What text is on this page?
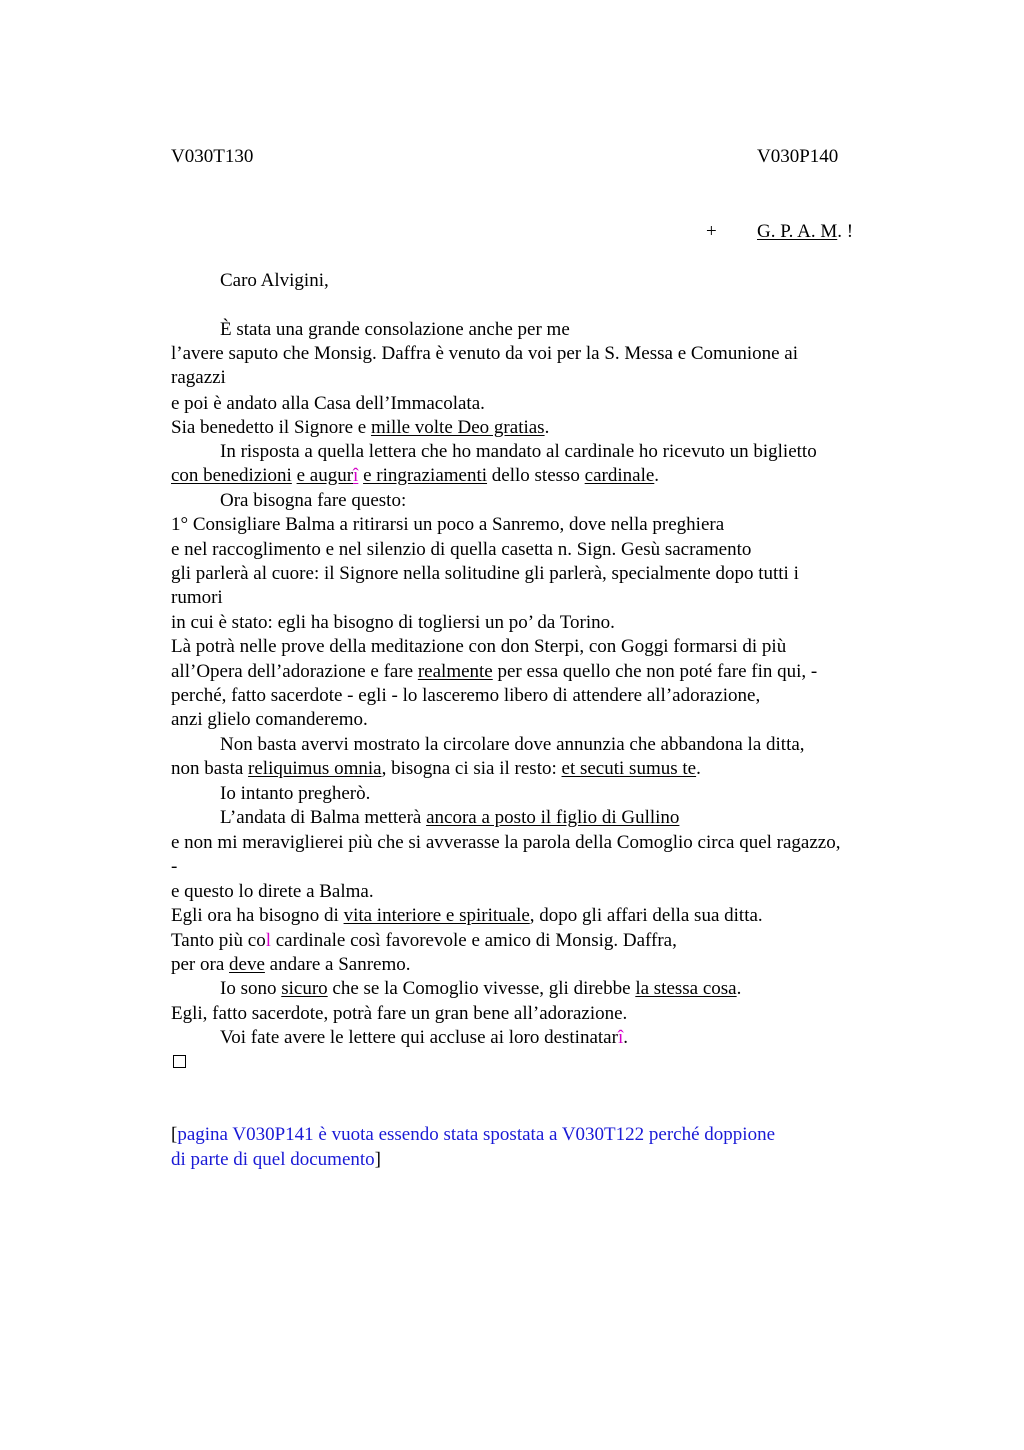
V030T130	V030P140
+ G. P. A. M. !
Caro Alvigini,
È stata una grande consolazione anche per me
l’avere saputo che Monsig. Daffra è venuto da voi per la S. Messa e Comunione ai
ragazzi
e poi è andato alla Casa dell’Immacolata.
Sia benedetto il Signore e mille volte Deo gratias.
In risposta a quella lettera che ho mandato al cardinale ho ricevuto un biglietto
con benedizioni e augurî e ringraziamenti dello stesso cardinale.
Ora bisogna fare questo:
1° Consigliare Balma a ritirarsi un poco a Sanremo, dove nella preghiera
e nel raccoglimento e nel silenzio di quella casetta n. Sign. Gesù sacramento
gli parlerà al cuore: il Signore nella solitudine gli parlerà, specialmente dopo tutti i
rumori
in cui è stato: egli ha bisogno di togliersi un po’ da Torino.
Là potrà nelle prove della meditazione con don Sterpi, con Goggi formarsi di più
all’Opera dell’adorazione e fare realmente per essa quello che non poté fare fin qui, -
perché, fatto sacerdote - egli - lo lasceremo libero di attendere all’adorazione,
anzi glielo comanderemo.
Non basta avervi mostrato la circolare dove annunzia che abbandona la ditta,
non basta reliquimus omnia, bisogna ci sia il resto: et secuti sumus te.
Io intanto pregherò.
L’andata di Balma metterà ancora a posto il figlio di Gullino
e non mi meraviglierei più che si avverasse la parola della Comoglio circa quel ragazzo,
-
e questo lo direte a Balma.
Egli ora ha bisogno di vita interiore e spirituale, dopo gli affari della sua ditta.
Tanto più col cardinale così favorevole e amico di Monsig. Daffra,
per ora deve andare a Sanremo.
Io sono sicuro che se la Comoglio vivesse, gli direbbe la stessa cosa.
Egli, fatto sacerdote, potrà fare un gran bene all’adorazione.
Voi fate avere le lettere qui accluse ai loro destinatarî.
[pagina V030P141 è vuota essendo stata spostata a V030T122 perché doppione
di parte di quel documento]
